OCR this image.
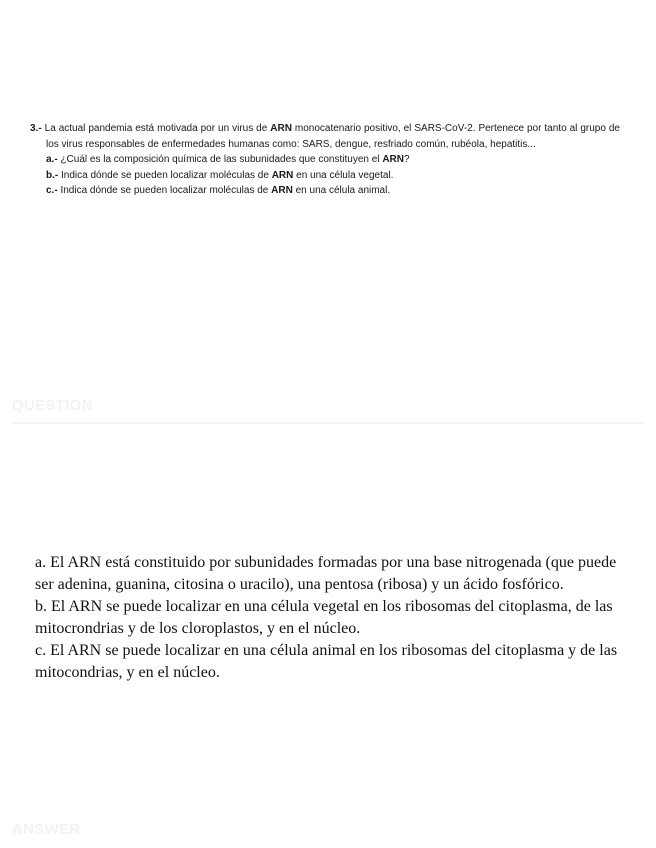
3.- La actual pandemia está motivada por un virus de ARN monocatenario positivo, el SARS-CoV-2. Pertenece por tanto al grupo de los virus responsables de enfermedades humanas como: SARS, dengue, resfriado común, rubéola, hepatitis...

a.- ¿Cuál es la composición química de las subunidades que constituyen el ARN?

b.- Indica dónde se pueden localizar moléculas de ARN en una célula vegetal.

c.- Indica dónde se pueden localizar moléculas de ARN en una célula animal.

QUESTION

a. El ARN está constituido por subunidades formadas por una base nitrogenada (que puede ser adenina, guanina, citosina o uracilo), una pentosa (ribosa) y un ácido fosfórico.

b. El ARN se puede localizar en una célula vegetal en los ribosomas del citoplasma, de las mitocrondrias y de los cloroplastos, y en el núcleo.

c. El ARN se puede localizar en una célula animal en los ribosomas del citoplasma y de las mitocondrias, y en el núcleo.

ANSWER
